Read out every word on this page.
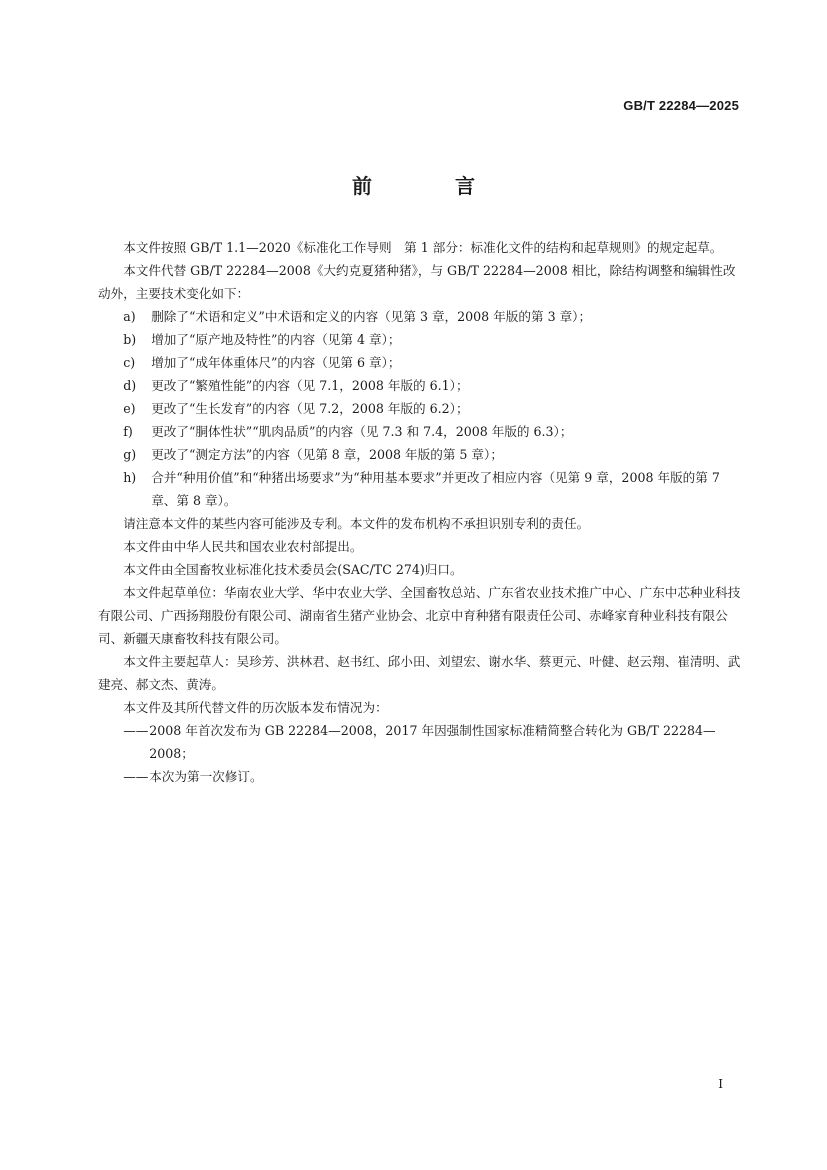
GB/T 22284—2025
前 言

本文件按照 GB/T 1.1—2020《标准化工作导则　第 1 部分：标准化文件的结构和起草规则》的规定起草。

本文件代替 GB/T 22284—2008《大约克夏猪种猪》，与 GB/T 22284—2008 相比，除结构调整和编辑性改动外，主要技术变化如下：

a)	删除了“术语和定义”中术语和定义的内容（见第 3 章，2008 年版的第 3 章）；
b)	增加了“原产地及特性”的内容（见第 4 章）；
c)	增加了“成年体重体尺”的内容（见第 6 章）；
d)	更改了“繁殖性能”的内容（见 7.1，2008 年版的 6.1）；
e)	更改了“生长发育”的内容（见 7.2，2008 年版的 6.2）；
f)	更改了“胴体性状”“肌肉品质”的内容（见 7.3 和 7.4，2008 年版的 6.3）；
g)	更改了“测定方法”的内容（见第 8 章，2008 年版的第 5 章）；
h)	合并“种用价值”和“种猪出场要求”为“种用基本要求”并更改了相应内容（见第 9 章，2008 年版的第 7 章、第 8 章）。

请注意本文件的某些内容可能涉及专利。本文件的发布机构不承担识别专利的责任。

本文件由中华人民共和国农业农村部提出。

本文件由全国畜牧业标准化技术委员会(SAC/TC 274)归口。

本文件起草单位：华南农业大学、华中农业大学、全国畜牧总站、广东省农业技术推广中心、广东中芯种业科技有限公司、广西扬翔股份有限公司、湖南省生猪产业协会、北京中育种猪有限责任公司、赤峰家育种业科技有限公司、新疆天康畜牧科技有限公司。

本文件主要起草人：吴珍芳、洪林君、赵书红、邱小田、刘望宏、谢水华、蔡更元、叶健、赵云翔、崔清明、武建亮、郝文杰、黄涛。

本文件及其所代替文件的历次版本发布情况为：

—— 2008 年首次发布为 GB 22284—2008，2017 年因强制性国家标准精简整合转化为 GB/T 22284—2008；
—— 本次为第一次修订。
I
